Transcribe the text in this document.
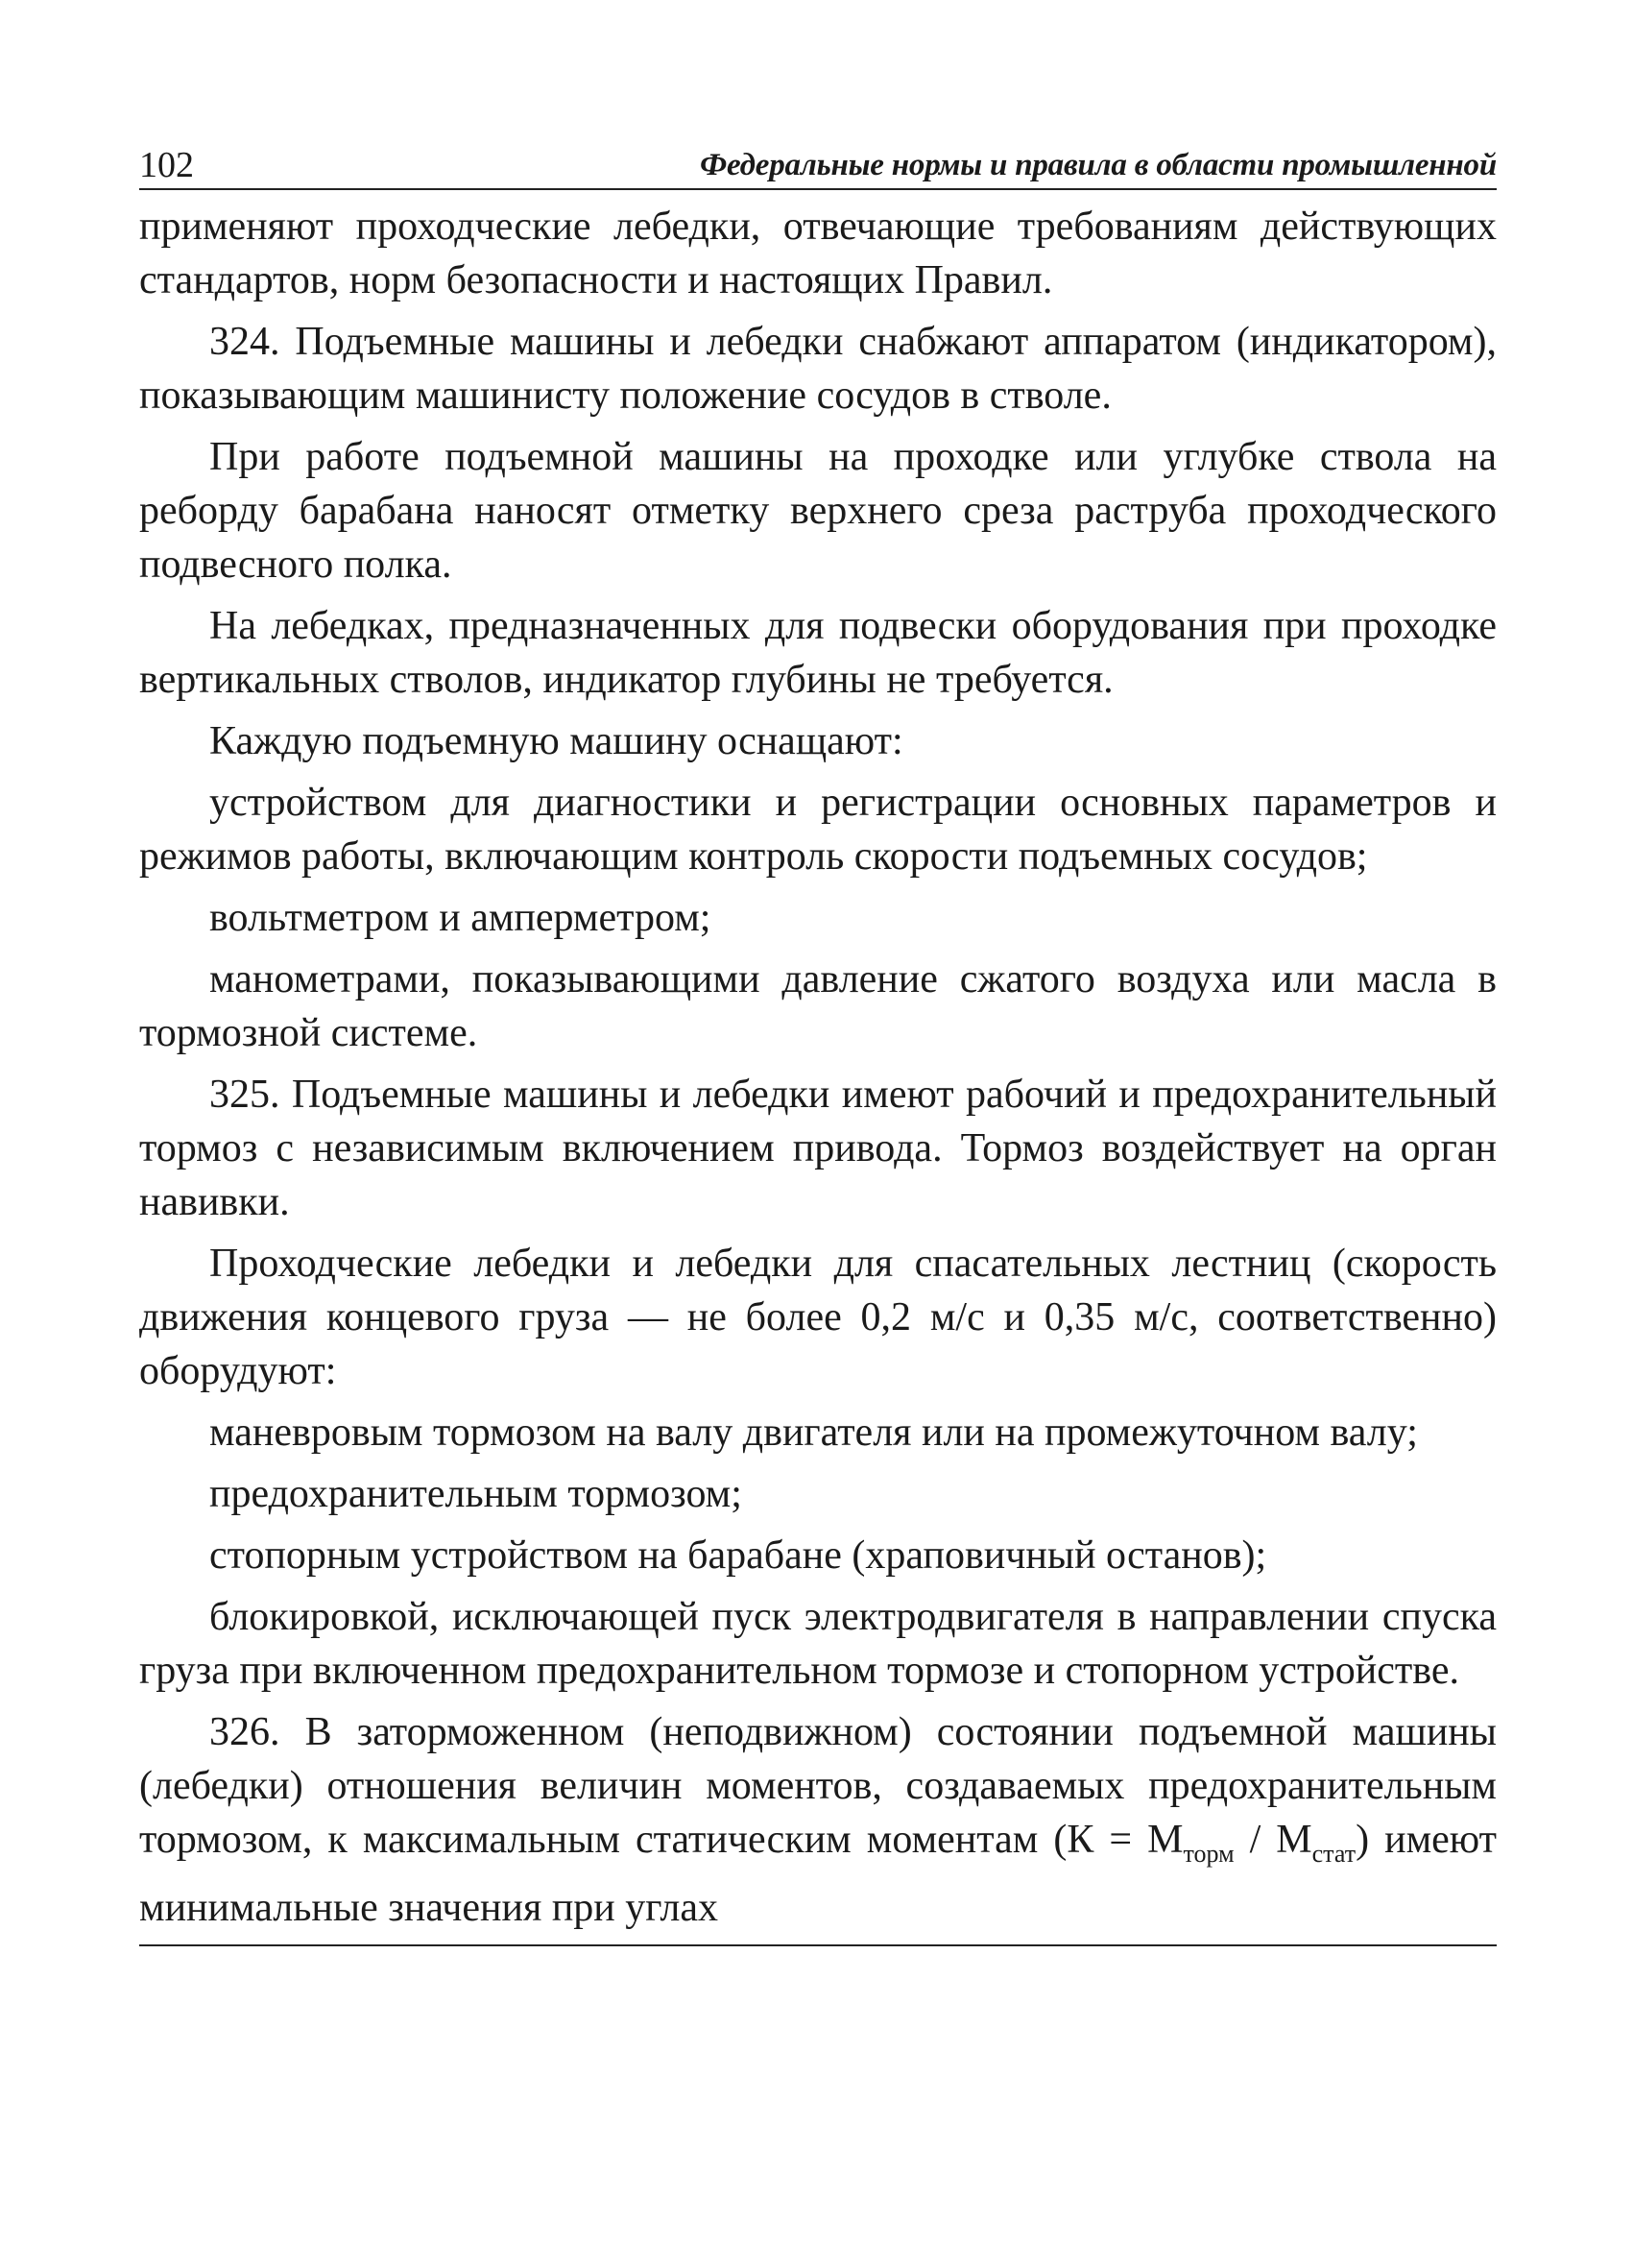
102	Федеральные нормы и правила в области промышленной

применяют проходческие лебедки, отвечающие требованиям действующих стандартов, норм безопасности и настоящих Правил.

324. Подъемные машины и лебедки снабжают аппаратом (индикатором), показывающим машинисту положение сосудов в стволе.

При работе подъемной машины на проходке или углубке ствола на реборду барабана наносят отметку верхнего среза раструба проходческого подвесного полка.

На лебедках, предназначенных для подвески оборудования при проходке вертикальных стволов, индикатор глубины не требуется.

Каждую подъемную машину оснащают:

устройством для диагностики и регистрации основных параметров и режимов работы, включающим контроль скорости подъемных сосудов;

вольтметром и амперметром;

манометрами, показывающими давление сжатого воздуха или масла в тормозной системе.

325. Подъемные машины и лебедки имеют рабочий и предохранительный тормоз с независимым включением привода. Тормоз воздействует на орган навивки.

Проходческие лебедки и лебедки для спасательных лестниц (скорость движения концевого груза — не более 0,2 м/с и 0,35 м/с, соответственно) оборудуют:

маневровым тормозом на валу двигателя или на промежуточном валу;

предохранительным тормозом;

стопорным устройством на барабане (храповичный останов);

блокировкой, исключающей пуск электродвигателя в направлении спуска груза при включенном предохранительном тормозе и стопорном устройстве.

326. В заторможенном (неподвижном) состоянии подъемной машины (лебедки) отношения величин моментов, создаваемых предохранительным тормозом, к максимальным статическим моментам $(К = М_{торм} / М_{стат})$ имеют минимальные значения при углах
